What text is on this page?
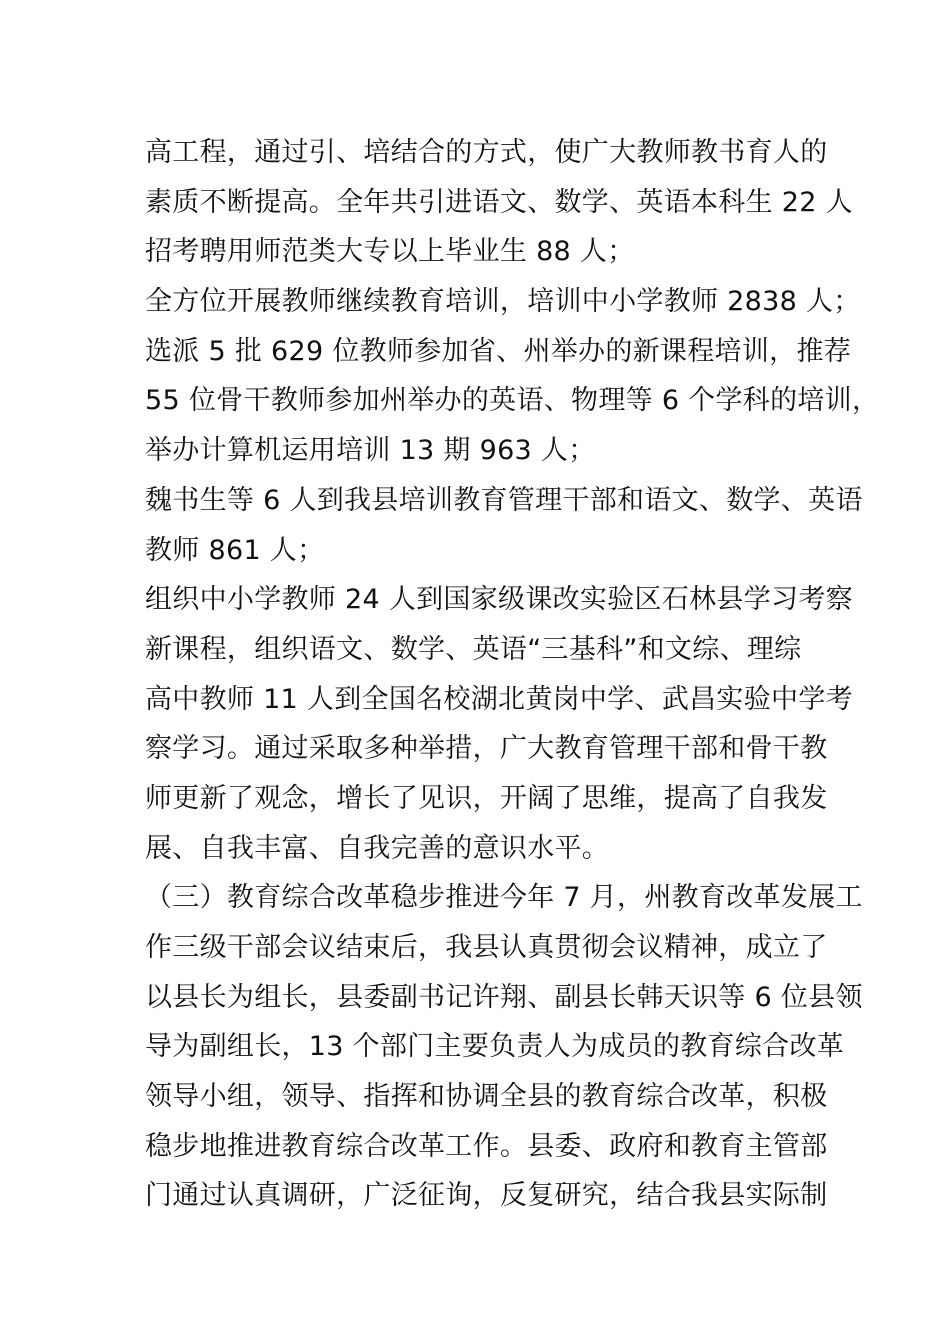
高工程，通过引、培结合的方式，使广大教师教书育人的
素质不断提高。全年共引进语文、数学、英语本科生 22 人
招考聘用师范类大专以上毕业生 88 人；
全方位开展教师继续教育培训，培训中小学教师 2838 人；
选派 5 批 629 位教师参加省、州举办的新课程培训，推荐
55 位骨干教师参加州举办的英语、物理等 6 个学科的培训，
举办计算机运用培训 13 期 963 人；
魏书生等 6 人到我县培训教育管理干部和语文、数学、英语
教师 861 人；
组织中小学教师 24 人到国家级课改实验区石林县学习考察
新课程，组织语文、数学、英语“三基科”和文综、理综
高中教师 11 人到全国名校湖北黄岗中学、武昌实验中学考
察学习。通过采取多种举措，广大教育管理干部和骨干教
师更新了观念，增长了见识，开阔了思维，提高了自我发
展、自我丰富、自我完善的意识水平。
（三）教育综合改革稳步推进今年 7 月，州教育改革发展工
作三级干部会议结束后，我县认真贯彻会议精神，成立了
以县长为组长，县委副书记许翔、副县长韩天识等 6 位县领
导为副组长，13 个部门主要负责人为成员的教育综合改革
领导小组，领导、指挥和协调全县的教育综合改革，积极
稳步地推进教育综合改革工作。县委、政府和教育主管部
门通过认真调研，广泛征询，反复研究，结合我县实际制
